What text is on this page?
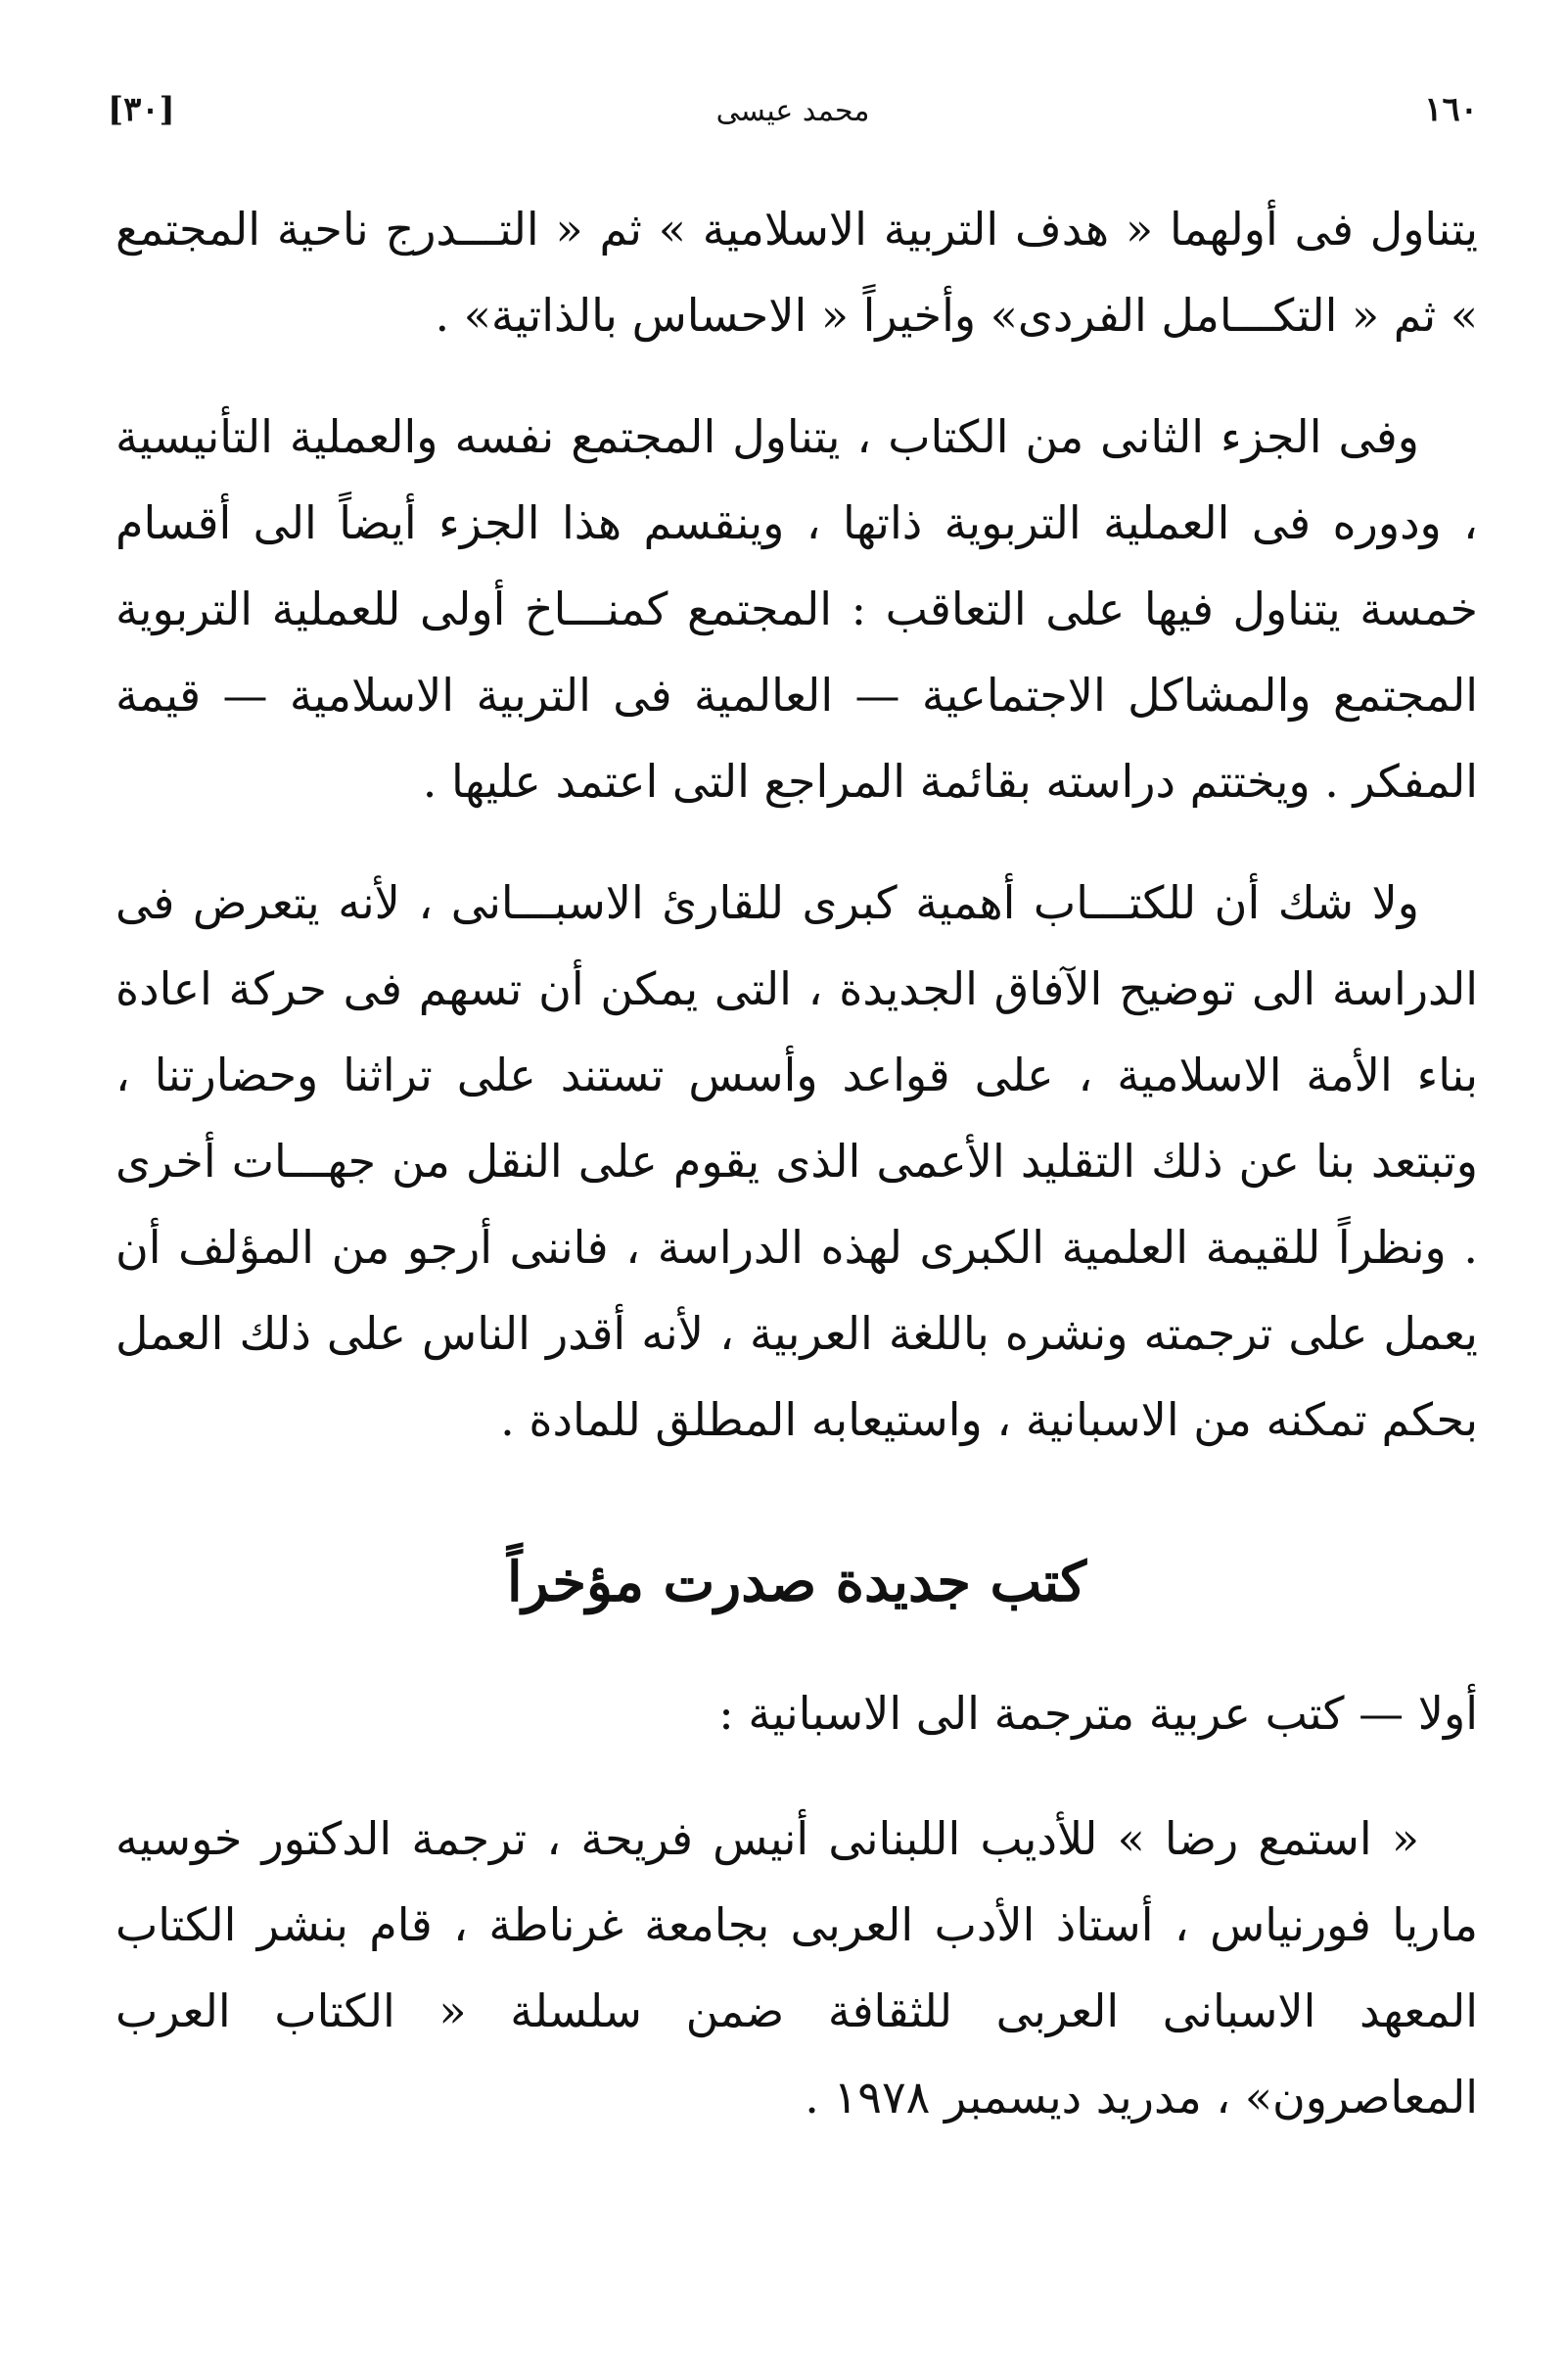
١٦٠
محمد عيسى
[٣٠]

يتناول فى أولهما « هدف التربية الاسلامية » ثم « التـــدرج ناحية المجتمع » ثم « التكـــامل الفردى» وأخيراً « الاحساس بالذاتية» .

وفى الجزء الثانى من الكتاب ، يتناول المجتمع نفسه والعملية التأنيسية ، ودوره فى العملية التربوية ذاتها ، وينقسم هذا الجزء أيضاً الى أقسام خمسة يتناول فيها على التعاقب : المجتمع كمنـــاخ أولى للعملية التربوية المجتمع والمشاكل الاجتماعية — العالمية فى التربية الاسلامية — قيمة المفكر . ويختتم دراسته بقائمة المراجع التى اعتمد عليها .

ولا شك أن للكتـــاب أهمية كبرى للقارئ الاسبـــانى ، لأنه يتعرض فى الدراسة الى توضيح الآفاق الجديدة ، التى يمكن أن تسهم فى حركة اعادة بناء الأمة الاسلامية ، على قواعد وأسس تستند على تراثنا وحضارتنا ، وتبتعد بنا عن ذلك التقليد الأعمى الذى يقوم على النقل من جهـــات أخرى . ونظراً للقيمة العلمية الكبرى لهذه الدراسة ، فاننى أرجو من المؤلف أن يعمل على ترجمته ونشره باللغة العربية ، لأنه أقدر الناس على ذلك العمل بحكم تمكنه من الاسبانية ، واستيعابه المطلق للمادة .

كتب جديدة صدرت مؤخراً

أولا — كتب عربية مترجمة الى الاسبانية :

« استمع رضا » للأديب اللبنانى أنيس فريحة ، ترجمة الدكتور خوسيه ماريا فورنياس ، أستاذ الأدب العربى بجامعة غرناطة ، قام بنشر الكتاب المعهد الاسبانى العربى للثقافة ضمن سلسلة « الكتاب العرب المعاصرون» ، مدريد ديسمبر ١٩٧٨ .
